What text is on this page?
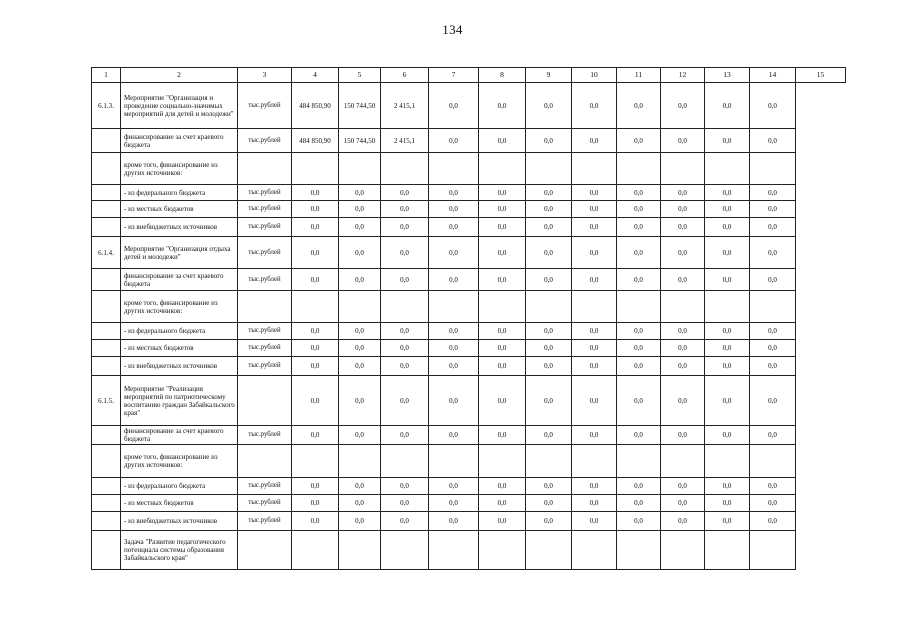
134
1	2	3	4	5	6	7	8	9	10	11	12	13	14	15
6.1.3.	Мероприятие "Организация и проведение социально-значимых мероприятий для детей и молодежи"	тыс.рублей	484 850,90	150 744,50	2 415,1	0,0	0,0	0,0	0,0	0,0	0,0	0,0	0,0	
	финансирование за счет краевого бюджета	тыс.рублей	484 850,90	150 744,50	2 415,1	0,0	0,0	0,0	0,0	0,0	0,0	0,0	0,0	
	кроме того, финансирование из других источников:													
	- из федерального бюджета	тыс.рублей	0,0	0,0	0,0	0,0	0,0	0,0	0,0	0,0	0,0	0,0	0,0	
	- из местных бюджетов	тыс.рублей	0,0	0,0	0,0	0,0	0,0	0,0	0,0	0,0	0,0	0,0	0,0	
	- из внебюджетных источников	тыс.рублей	0,0	0,0	0,0	0,0	0,0	0,0	0,0	0,0	0,0	0,0	0,0	
6.1.4.	Мероприятие "Организация отдыха детей и молодежи"	тыс.рублей	0,0	0,0	0,0	0,0	0,0	0,0	0,0	0,0	0,0	0,0	0,0	
	финансирование за счет краевого бюджета	тыс.рублей	0,0	0,0	0,0	0,0	0,0	0,0	0,0	0,0	0,0	0,0	0,0	
	кроме того, финансирование из других источников:													
	- из федерального бюджета	тыс.рублей	0,0	0,0	0,0	0,0	0,0	0,0	0,0	0,0	0,0	0,0	0,0	
	- из местных бюджетов	тыс.рублей	0,0	0,0	0,0	0,0	0,0	0,0	0,0	0,0	0,0	0,0	0,0	
	- из внебюджетных источников	тыс.рублей	0,0	0,0	0,0	0,0	0,0	0,0	0,0	0,0	0,0	0,0	0,0	
6.1.5.	Мероприятие "Реализация мероприятий по патриотическому воспитанию граждан Забайкальского края"		0,0	0,0	0,0	0,0	0,0	0,0	0,0	0,0	0,0	0,0	0,0	
	финансирование за счет краевого бюджета	тыс.рублей	0,0	0,0	0,0	0,0	0,0	0,0	0,0	0,0	0,0	0,0	0,0	
	кроме того, финансирование из других источников:													
	- из федерального бюджета	тыс.рублей	0,0	0,0	0,0	0,0	0,0	0,0	0,0	0,0	0,0	0,0	0,0	
	- из местных бюджетов	тыс.рублей	0,0	0,0	0,0	0,0	0,0	0,0	0,0	0,0	0,0	0,0	0,0	
	- из внебюджетных источников	тыс.рублей	0,0	0,0	0,0	0,0	0,0	0,0	0,0	0,0	0,0	0,0	0,0	
	Задача "Развитие педагогического потенциала системы образования Забайкальского края"													
